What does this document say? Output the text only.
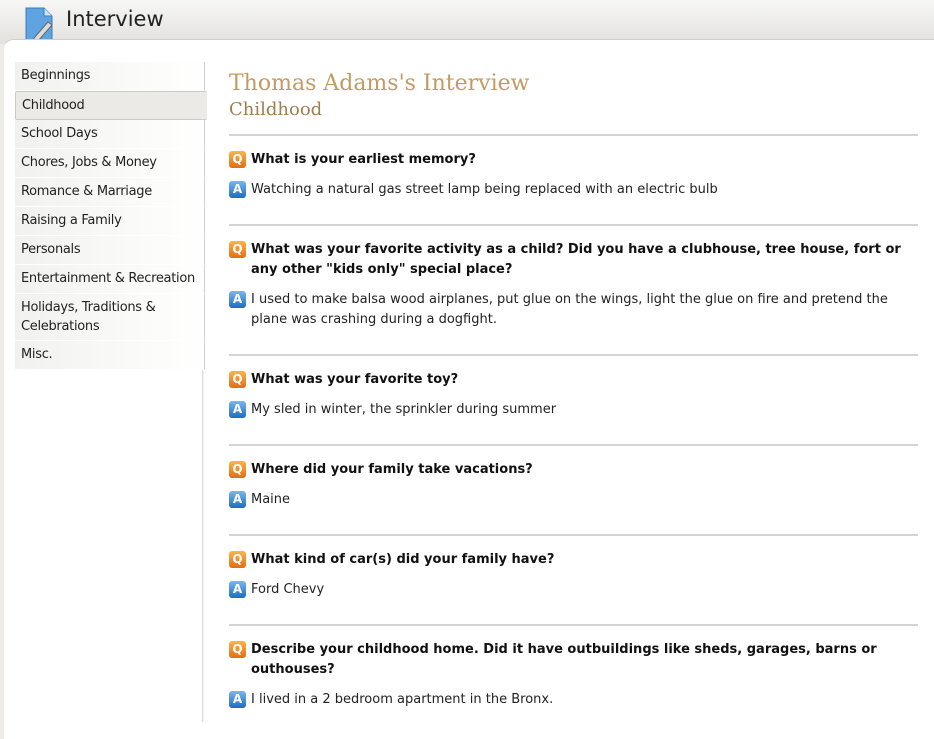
Interview
Beginnings
Childhood
School Days
Chores, Jobs & Money
Romance & Marriage
Raising a Family
Personals
Entertainment & Recreation
Holidays, Traditions & Celebrations
Misc.
Thomas Adams's Interview
Childhood
Q What is your earliest memory?
A Watching a natural gas street lamp being replaced with an electric bulb
Q What was your favorite activity as a child? Did you have a clubhouse, tree house, fort or any other "kids only" special place?
A I used to make balsa wood airplanes, put glue on the wings, light the glue on fire and pretend the plane was crashing during a dogfight.
Q What was your favorite toy?
A My sled in winter, the sprinkler during summer
Q Where did your family take vacations?
A Maine
Q What kind of car(s) did your family have?
A Ford Chevy
Q Describe your childhood home. Did it have outbuildings like sheds, garages, barns or outhouses?
A I lived in a 2 bedroom apartment in the Bronx.
